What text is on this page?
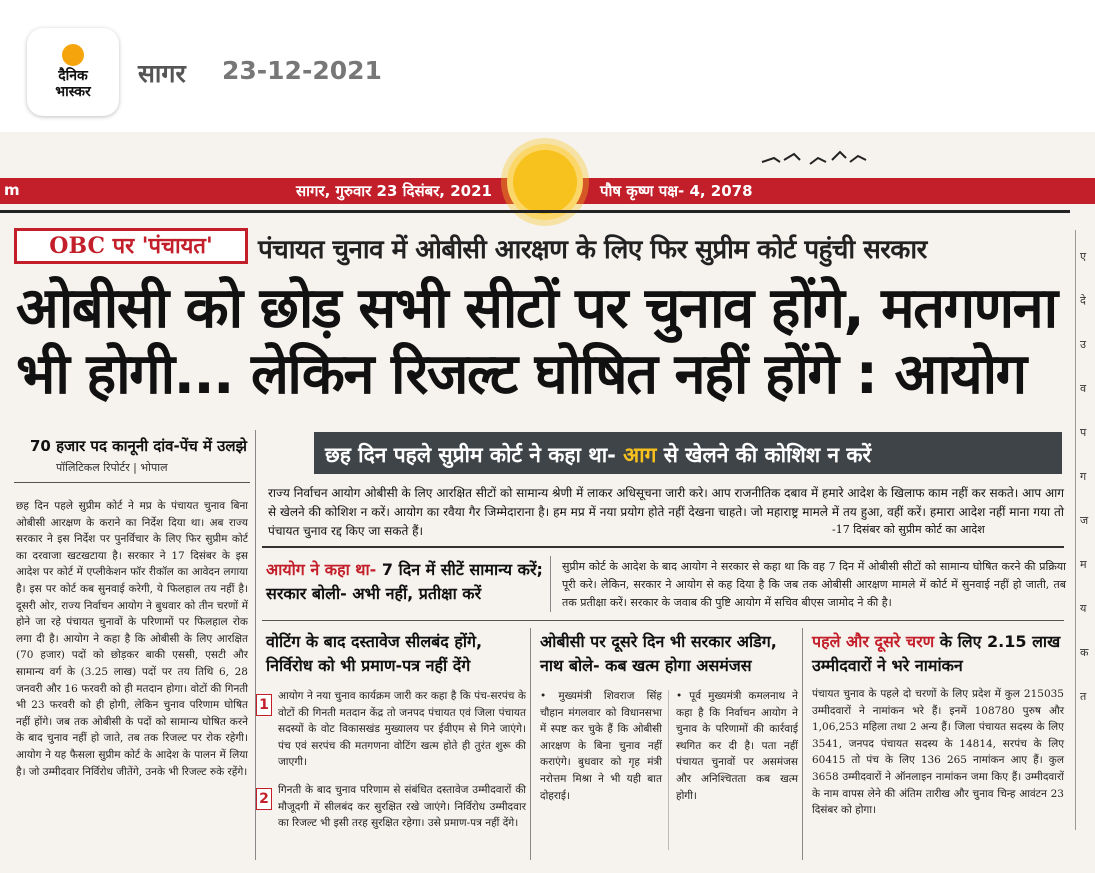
दैनिक
भास्कर
सागर 23-12-2021
m	सागर, गुरुवार 23 दिसंबर, 2021	पौष कृष्ण पक्ष- 4, 2078
ए
दे
उ
व
प
ग
ज
म
य
क
त
OBC पर 'पंचायत'	पंचायत चुनाव में ओबीसी आरक्षण के लिए फिर सुप्रीम कोर्ट पहुंची सरकार
ओबीसी को छोड़ सभी सीटों पर चुनाव होंगे, मतगणना भी होगी... लेकिन रिजल्ट घोषित नहीं होंगे : आयोग
70 हजार पद कानूनी दांव-पेंच में उलझे
पॉलिटिकल रिपोर्टर | भोपाल
छह दिन पहले सुप्रीम कोर्ट ने मप्र के पंचायत चुनाव बिना ओबीसी आरक्षण के कराने का निर्देश दिया था। अब राज्य सरकार ने इस निर्देश पर पुनर्विचार के लिए फिर सुप्रीम कोर्ट का दरवाजा खटखटाया है। सरकार ने 17 दिसंबर के इस आदेश पर कोर्ट में एप्लीकेशन फॉर रीकॉल का आवेदन लगाया है। इस पर कोर्ट कब सुनवाई करेगी, ये फिलहाल तय नहीं है। दूसरी ओर, राज्य निर्वाचन आयोग ने बुधवार को तीन चरणों में होने जा रहे पंचायत चुनावों के परिणामों पर फिलहाल रोक लगा दी है। आयोग ने कहा है कि ओबीसी के लिए आरक्षित (70 हजार) पदों को छोड़कर बाकी एससी, एसटी और सामान्य वर्ग के (3.25 लाख) पदों पर तय तिथि 6, 28 जनवरी और 16 फरवरी को ही मतदान होगा। वोटों की गिनती भी 23 फरवरी को ही होगी, लेकिन चुनाव परिणाम घोषित नहीं होंगे। जब तक ओबीसी के पदों को सामान्य घोषित करने के बाद चुनाव नहीं हो जाते, तब तक रिजल्ट पर रोक रहेगी। आयोग ने यह फैसला सुप्रीम कोर्ट के आदेश के पालन में लिया है। जो उम्मीदवार निर्विरोध जीतेंगे, उनके भी रिजल्ट रुके रहेंगे।
छह दिन पहले सुप्रीम कोर्ट ने कहा था- आग से खेलने की कोशिश न करें
राज्य निर्वाचन आयोग ओबीसी के लिए आरक्षित सीटों को सामान्य श्रेणी में लाकर अधिसूचना जारी करे। आप राजनीतिक दबाव में हमारे आदेश के खिलाफ काम नहीं कर सकते। आप आग से खेलने की कोशिश न करें। आयोग का रवैया गैर जिम्मेदाराना है। हम मप्र में नया प्रयोग होते नहीं देखना चाहते। जो महाराष्ट्र मामले में तय हुआ, वहीं करें। हमारा आदेश नहीं माना गया तो पंचायत चुनाव रद्द किए जा सकते हैं।	-17 दिसंबर को सुप्रीम कोर्ट का आदेश
आयोग ने कहा था- 7 दिन में सीटें सामान्य करें; सरकार बोली- अभी नहीं, प्रतीक्षा करें
सुप्रीम कोर्ट के आदेश के बाद आयोग ने सरकार से कहा था कि वह 7 दिन में ओबीसी सीटों को सामान्य घोषित करने की प्रक्रिया पूरी करे। लेकिन, सरकार ने आयोग से कह दिया है कि जब तक ओबीसी आरक्षण मामले में कोर्ट में सुनवाई नहीं हो जाती, तब तक प्रतीक्षा करें। सरकार के जवाब की पुष्टि आयोग में सचिव बीएस जामोद ने की है।
वोटिंग के बाद दस्तावेज सीलबंद होंगे, निर्विरोध को भी प्रमाण-पत्र नहीं देंगे
1
आयोग ने नया चुनाव कार्यक्रम जारी कर कहा है कि पंच-सरपंच के वोटों की गिनती मतदान केंद्र तो जनपद पंचायत एवं जिला पंचायत सदस्यों के वोट विकासखंड मुख्यालय पर ईवीएम से गिने जाएंगे। पंच एवं सरपंच की मतगणना वोटिंग खत्म होते ही तुरंत शुरू की जाएगी।
2
गिनती के बाद चुनाव परिणाम से संबंधित दस्तावेज उम्मीदवारों की मौजूदगी में सीलबंद कर सुरक्षित रखे जाएंगे। निर्विरोध उम्मीदवार का रिजल्ट भी इसी तरह सुरक्षित रहेगा। उसे प्रमाण-पत्र नहीं देंगे।
ओबीसी पर दूसरे दिन भी सरकार अडिग, नाथ बोले- कब खत्म होगा असमंजस
• मुख्यमंत्री शिवराज सिंह चौहान मंगलवार को विधानसभा में स्पष्ट कर चुके हैं कि ओबीसी आरक्षण के बिना चुनाव नहीं कराएंगे। बुधवार को गृह मंत्री नरोत्तम मिश्रा ने भी यही बात दोहराई।
• पूर्व मुख्यमंत्री कमलनाथ ने कहा है कि निर्वाचन आयोग ने चुनाव के परिणामों की कार्रवाई स्थगित कर दी है। पता नहीं पंचायत चुनावों पर असमंजस और अनिश्चितता कब खत्म होगी।
पहले और दूसरे चरण के लिए 2.15 लाख उम्मीदवारों ने भरे नामांकन
पंचायत चुनाव के पहले दो चरणों के लिए प्रदेश में कुल 215035 उम्मीदवारों ने नामांकन भरे हैं। इनमें 108780 पुरुष और 1,06,253 महिला तथा 2 अन्य हैं। जिला पंचायत सदस्य के लिए 3541, जनपद पंचायत सदस्य के 14814, सरपंच के लिए 60415 तो पंच के लिए 136 265 नामांकन आए हैं। कुल 3658 उम्मीदवारों ने ऑनलाइन नामांकन जमा किए हैं। उम्मीदवारों के नाम वापस लेने की अंतिम तारीख और चुनाव चिन्ह आवंटन 23 दिसंबर को होगा।
